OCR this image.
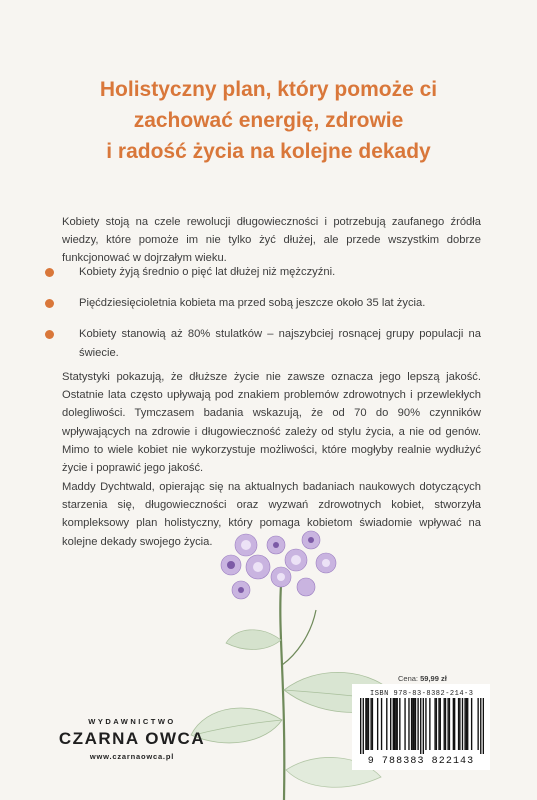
Holistyczny plan, który pomoże ci
zachować energię, zdrowie
i radość życia na kolejne dekady

Kobiety stoją na czele rewolucji długowieczności i potrzebują zaufanego źródła wiedzy, które pomoże im nie tylko żyć dłużej, ale przede wszystkim dobrze funkcjonować w dojrzałym wieku.

Kobiety żyją średnio o pięć lat dłużej niż mężczyźni.
Pięćdziesięcioletnia kobieta ma przed sobą jeszcze około 35 lat życia.
Kobiety stanowią aż 80% stulatków – najszybciej rosnącej grupy populacji na świecie.

Statystyki pokazują, że dłuższe życie nie zawsze oznacza jego lepszą jakość. Ostatnie lata często upływają pod znakiem problemów zdrowotnych i przewlekłych dolegliwości. Tymczasem badania wskazują, że od 70 do 90% czynników wpływających na zdrowie i długowieczność zależy od stylu życia, a nie od genów. Mimo to wiele kobiet nie wykorzystuje możliwości, które mogłyby realnie wydłużyć życie i poprawić jego jakość.

Maddy Dychtwald, opierając się na aktualnych badaniach naukowych dotyczących starzenia się, długowieczności oraz wyzwań zdrowotnych kobiet, stworzyła kompleksowy plan holistyczny, który pomaga kobietom świadomie wpływać na kolejne dekady swojego życia.

Cena: 59,99 zł
ISBN 978-83-8382-214-3
9 788383 822143
WYDAWNICTWO
CZARNA OWCA
www.czarnaowca.pl
